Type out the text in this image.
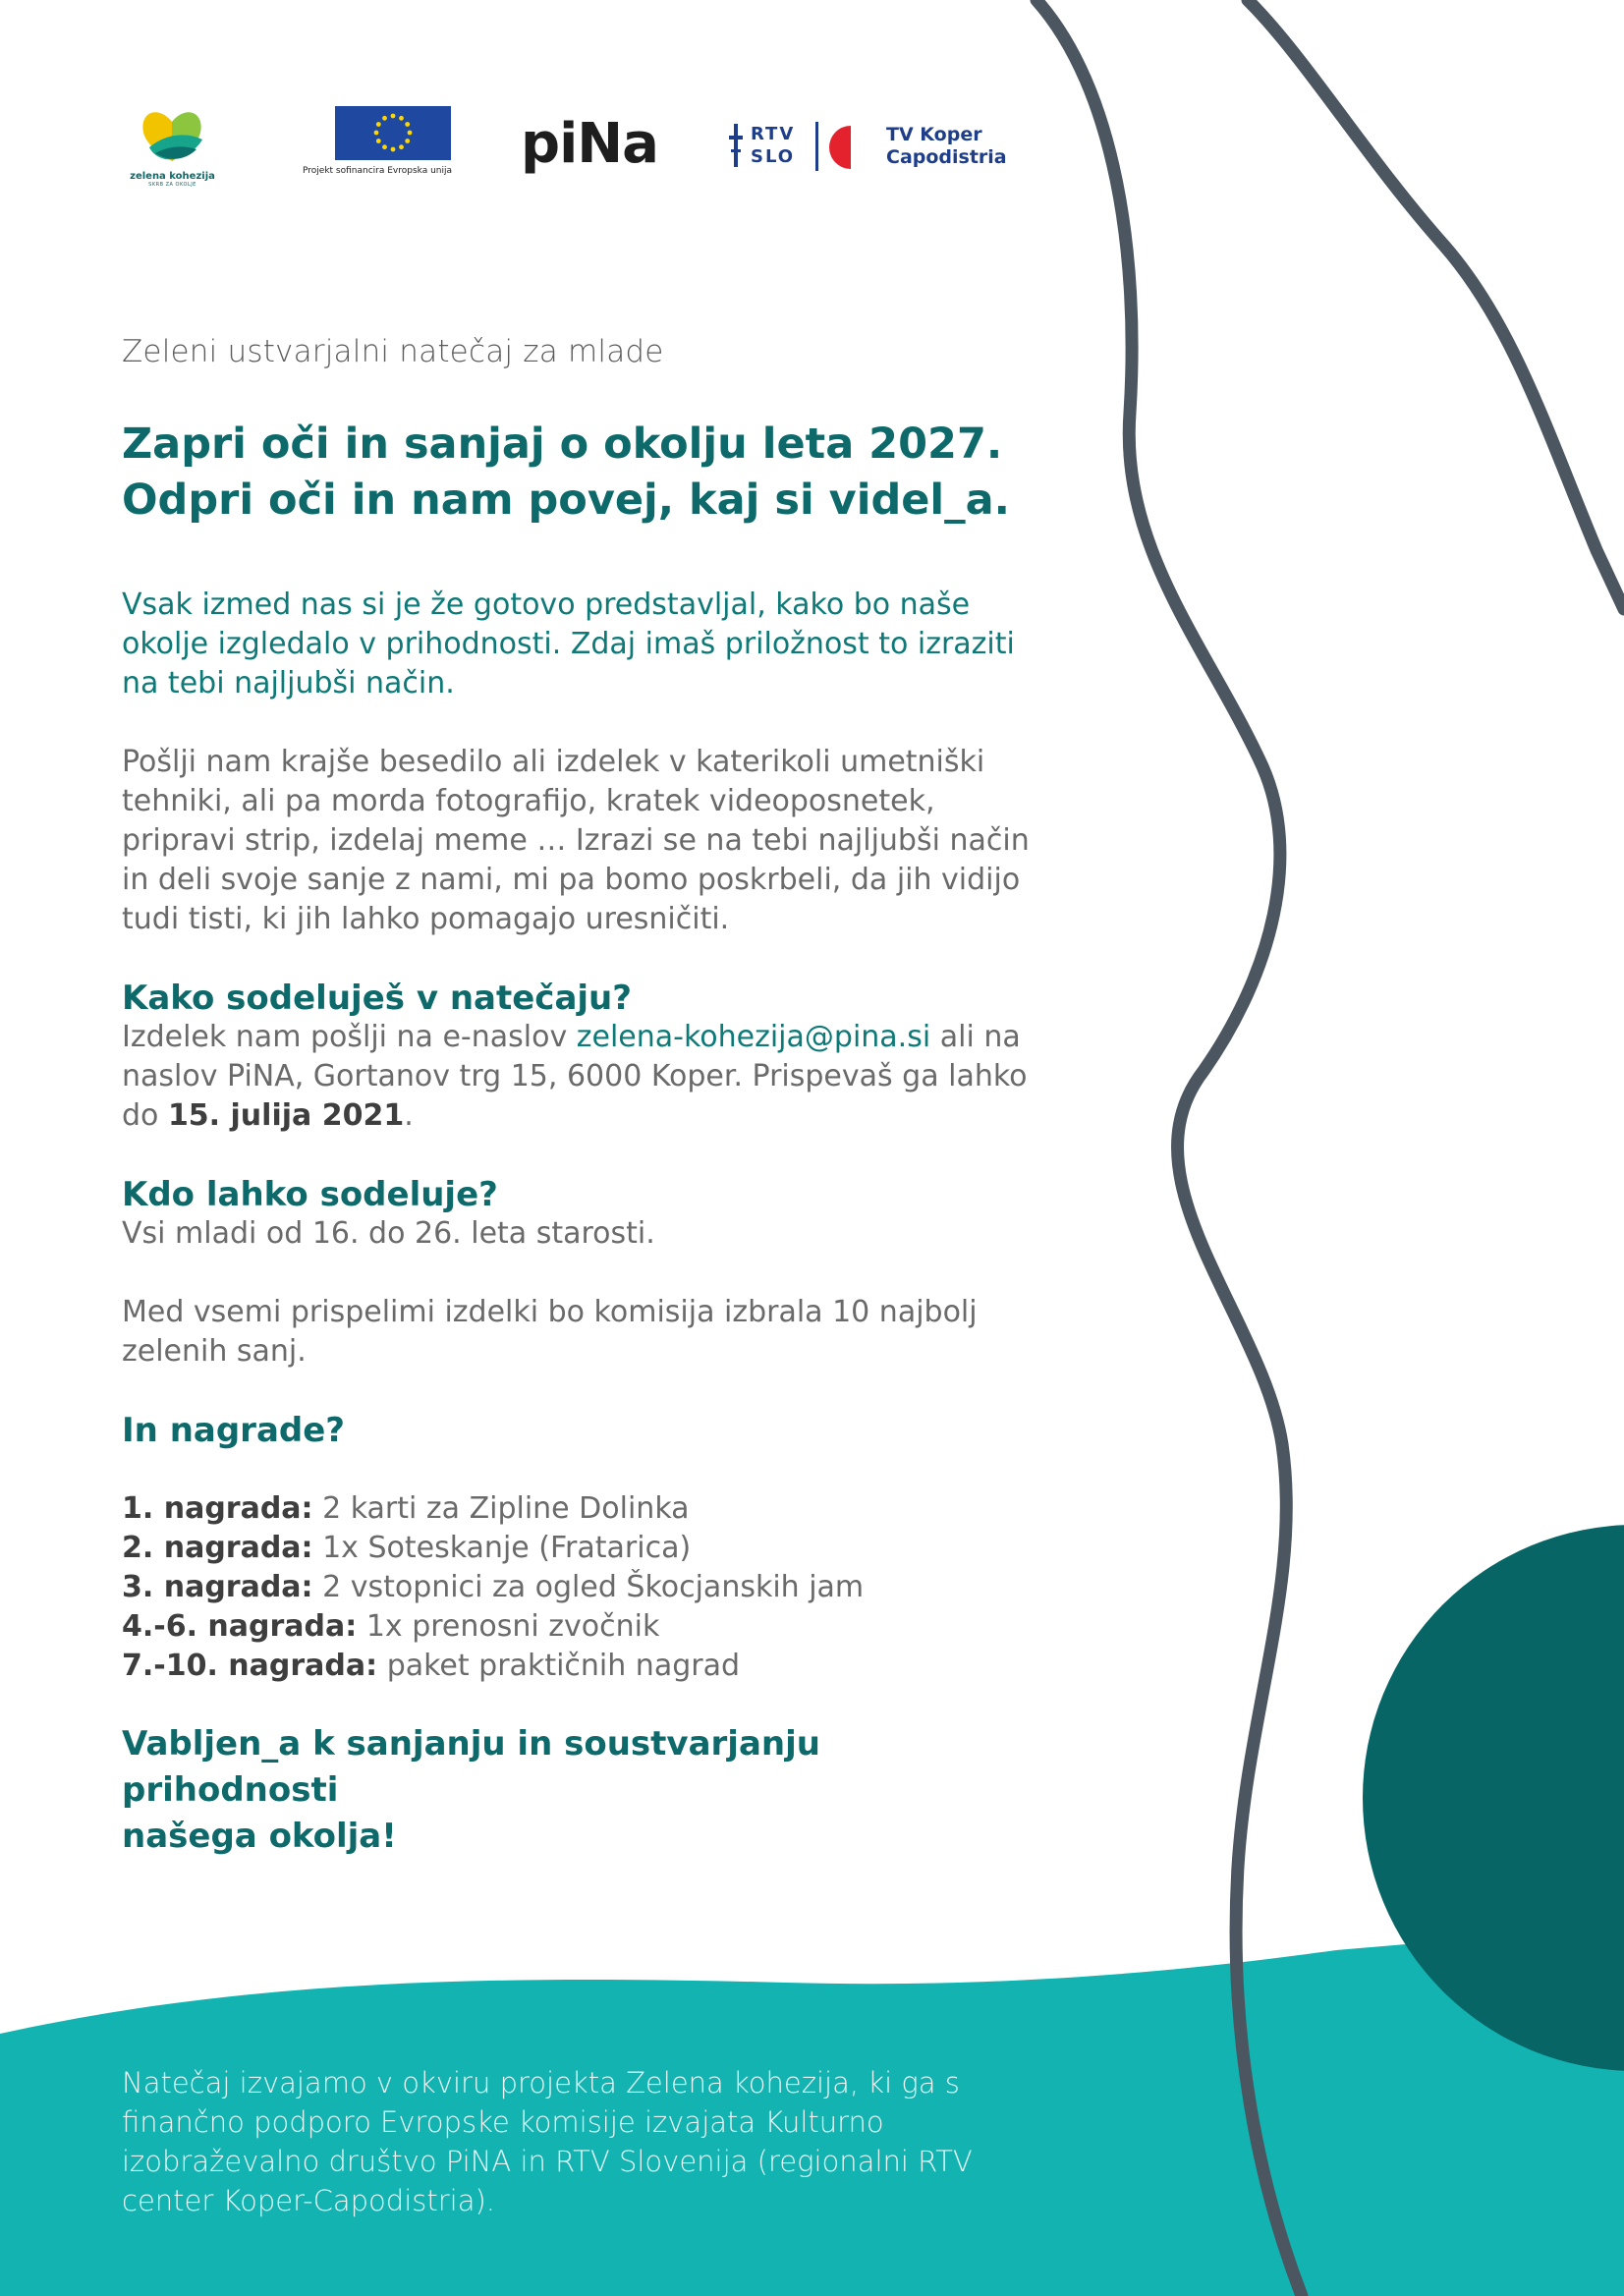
zelena kohezija
SKRB ZA OKOLJE
Projekt sofinancira Evropska unija piNa	RTV
SLO
TV Koper
Capodistria

Zeleni ustvarjalni natečaj za mlade

Zapri oči in sanjaj o okolju leta 2027.
Odpri oči in nam povej, kaj si videl_a.

Vsak izmed nas si je že gotovo predstavljal, kako bo naše okolje izgledalo v prihodnosti. Zdaj imaš priložnost to izraziti na tebi najljubši način.

Pošlji nam krajše besedilo ali izdelek v katerikoli umetniški tehniki, ali pa morda fotografijo, kratek videoposnetek, pripravi strip, izdelaj meme … Izrazi se na tebi najljubši način in deli svoje sanje z nami, mi pa bomo poskrbeli, da jih vidijo tudi tisti, ki jih lahko pomagajo uresničiti.

Kako sodeluješ v natečaju?

Izdelek nam pošlji na e-naslov zelena-kohezija@pina.si ali na naslov PiNA, Gortanov trg 15, 6000 Koper. Prispevaš ga lahko do 15. julija 2021.

Kdo lahko sodeluje?

Vsi mladi od 16. do 26. leta starosti.

Med vsemi prispelimi izdelki bo komisija izbrala 10 najbolj zelenih sanj.

In nagrade?

1. nagrada: 2 karti za Zipline Dolinka

2. nagrada: 1x Soteskanje (Fratarica)

3. nagrada: 2 vstopnici za ogled Škocjanskih jam

4.-6. nagrada: 1x prenosni zvočnik

7.-10. nagrada: paket praktičnih nagrad

Vabljen_a k sanjanju in soustvarjanju prihodnosti
našega okolja!

Natečaj izvajamo v okviru projekta Zelena kohezija, ki ga s finančno podporo Evropske komisije izvajata Kulturno izobraževalno društvo PiNA in RTV Slovenija (regionalni RTV center Koper-Capodistria).
